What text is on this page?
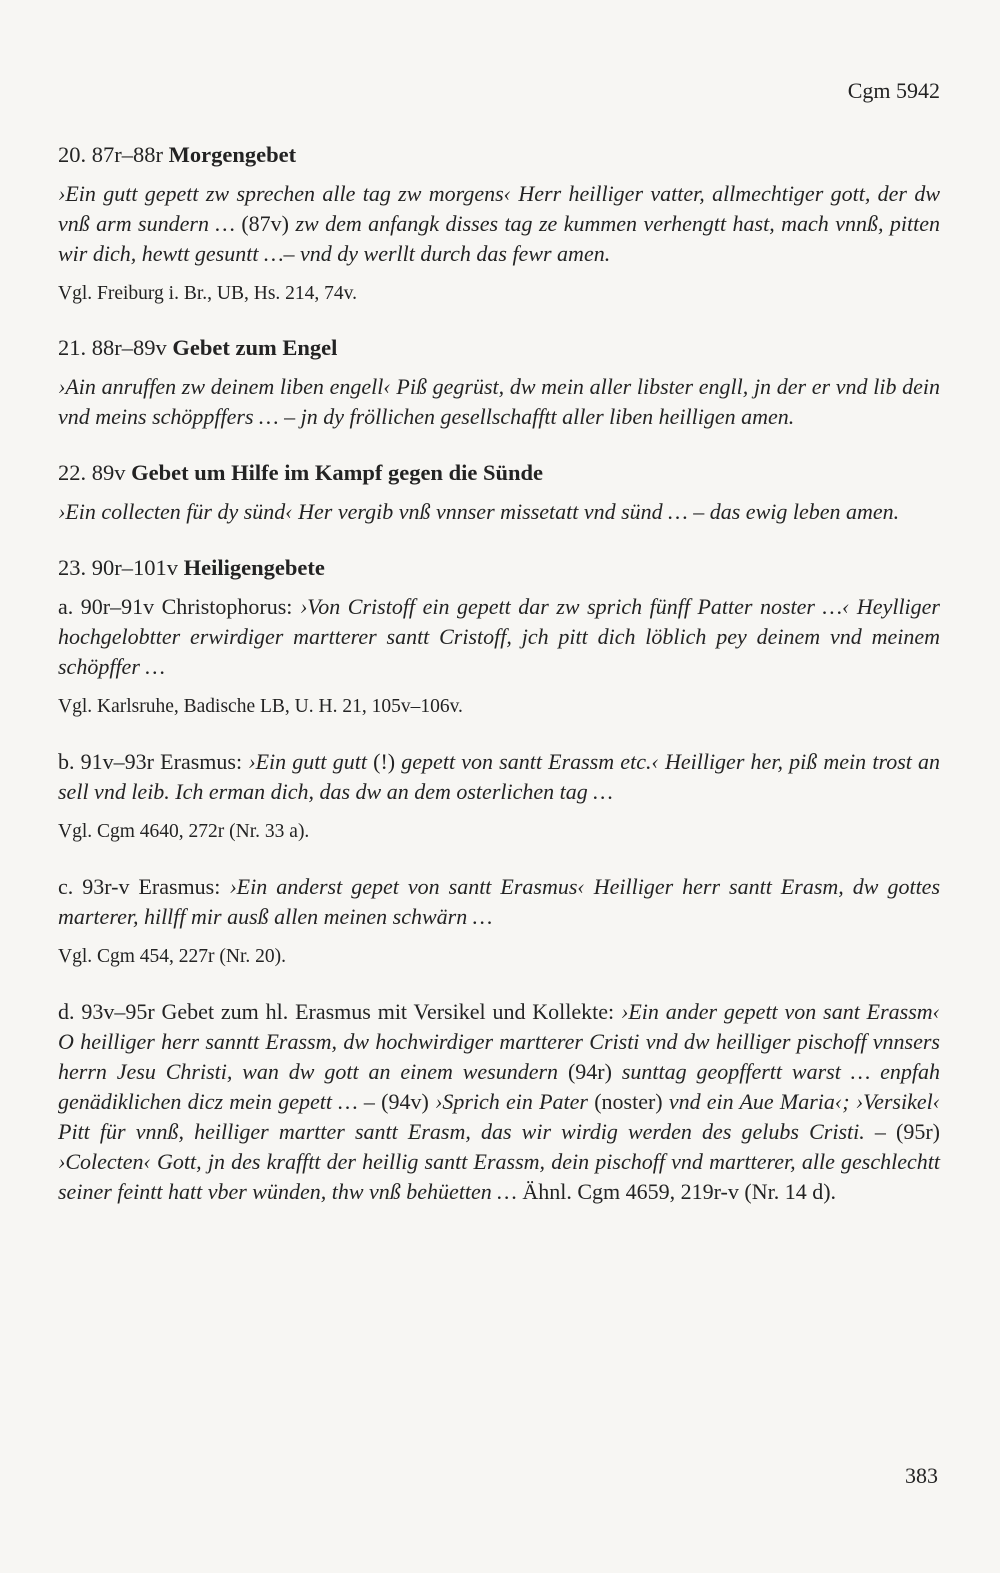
Cgm 5942
20. 87r–88r Morgengebet

›Ein gutt gepett zw sprechen alle tag zw morgens‹ Herr heilliger vatter, allmechtiger gott, der dw vnß arm sundern … (87v) zw dem anfangk disses tag ze kummen verhengtt hast, mach vnnß, pitten wir dich, hewtt gesuntt …– vnd dy werllt durch das fewr amen.

Vgl. Freiburg i. Br., UB, Hs. 214, 74v.

21. 88r–89v Gebet zum Engel

›Ain anruffen zw deinem liben engell‹ Piß gegrüst, dw mein aller libster engll, jn der er vnd lib dein vnd meins schöppffers … – jn dy fröllichen gesellschafftt aller liben heilligen amen.

22. 89v Gebet um Hilfe im Kampf gegen die Sünde

›Ein collecten für dy sünd‹ Her vergib vnß vnnser missetatt vnd sünd … – das ewig leben amen.

23. 90r–101v Heiligengebete

a. 90r–91v Christophorus: ›Von Cristoff ein gepett dar zw sprich fünff Patter noster …‹ Heylliger hochgelobtter erwirdiger martterer santt Cristoff, jch pitt dich löblich pey deinem vnd meinem schöpffer …

Vgl. Karlsruhe, Badische LB, U. H. 21, 105v–106v.

b. 91v–93r Erasmus: ›Ein gutt gutt (!) gepett von santt Erassm etc.‹ Heilliger her, piß mein trost an sell vnd leib. Ich erman dich, das dw an dem osterlichen tag …

Vgl. Cgm 4640, 272r (Nr. 33 a).

c. 93r-v Erasmus: ›Ein anderst gepet von santt Erasmus‹ Heilliger herr santt Erasm, dw gottes marterer, hillff mir ausß allen meinen schwärn …

Vgl. Cgm 454, 227r (Nr. 20).

d. 93v–95r Gebet zum hl. Erasmus mit Versikel und Kollekte: ›Ein ander gepett von sant Erassm‹ O heilliger herr sanntt Erassm, dw hochwirdiger martterer Cristi vnd dw heilliger pischoff vnnsers herrn Jesu Christi, wan dw gott an einem wesundern (94r) sunttag geopffertt warst … enpfah genädiklichen dicz mein gepett … – (94v) ›Sprich ein Pater (noster) vnd ein Aue Maria‹; ›Versikel‹ Pitt für vnnß, heilliger martter santt Erasm, das wir wirdig werden des gelubs Cristi. – (95r) ›Colecten‹ Gott, jn des krafftt der heillig santt Erassm, dein pischoff vnd martterer, alle geschlechtt seiner feintt hatt vber wünden, thw vnß behüetten … Ähnl. Cgm 4659, 219r-v (Nr. 14 d).

383
